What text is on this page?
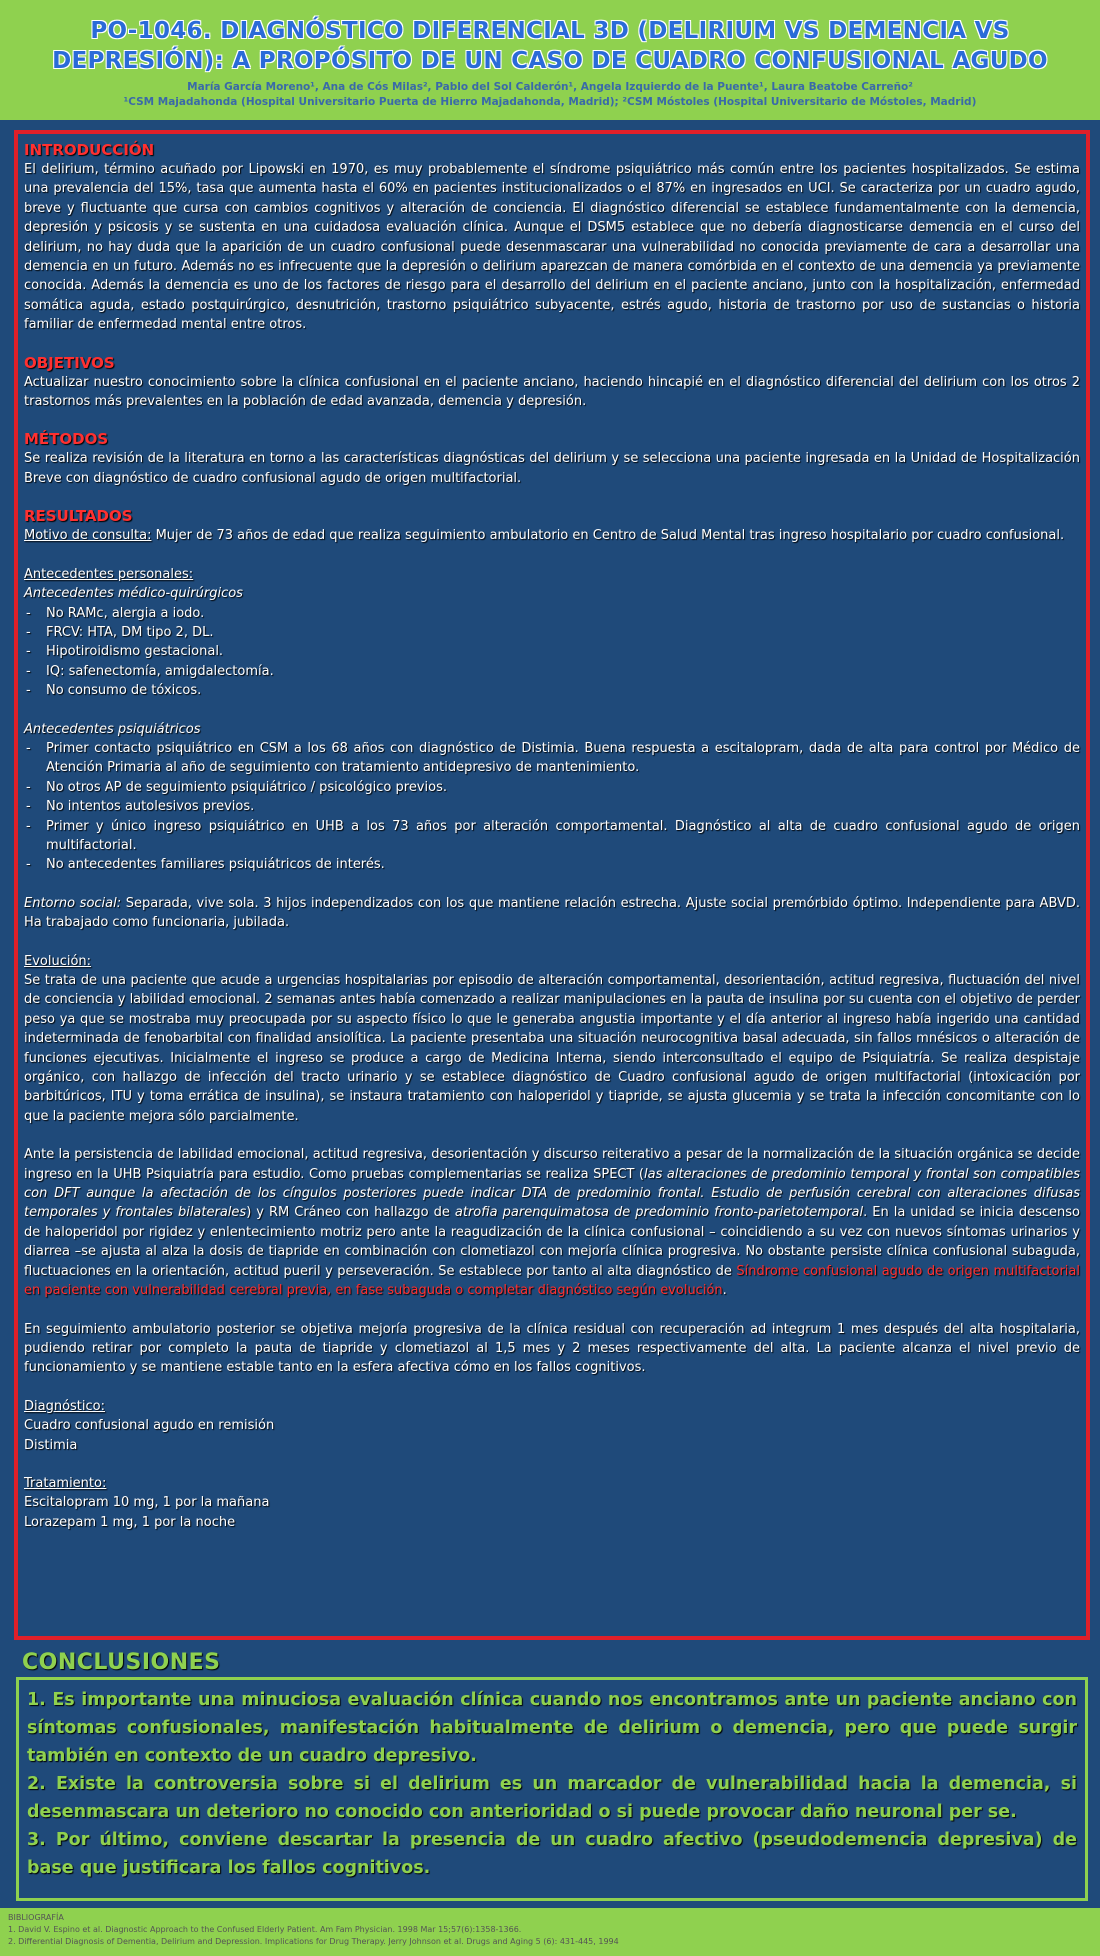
PO-1046. DIAGNÓSTICO DIFERENCIAL 3D (DELIRIUM VS DEMENCIA VS
DEPRESIÓN): A PROPÓSITO DE UN CASO DE CUADRO CONFUSIONAL AGUDO
María García Moreno¹, Ana de Cós Milas², Pablo del Sol Calderón¹, Angela Izquierdo de la Puente¹, Laura Beatobe Carreño²
¹CSM Majadahonda (Hospital Universitario Puerta de Hierro Majadahonda, Madrid); ²CSM Móstoles (Hospital Universitario de Móstoles, Madrid)
INTRODUCCIÓN

El delirium, término acuñado por Lipowski en 1970, es muy probablemente el síndrome psiquiátrico más común entre los pacientes hospitalizados. Se estima una prevalencia del 15%, tasa que aumenta hasta el 60% en pacientes institucionalizados o el 87% en ingresados en UCI. Se caracteriza por un cuadro agudo, breve y fluctuante que cursa con cambios cognitivos y alteración de conciencia. El diagnóstico diferencial se establece fundamentalmente con la demencia, depresión y psicosis y se sustenta en una cuidadosa evaluación clínica. Aunque el DSM5 establece que no debería diagnosticarse demencia en el curso del delirium, no hay duda que la aparición de un cuadro confusional puede desenmascarar una vulnerabilidad no conocida previamente de cara a desarrollar una demencia en un futuro. Además no es infrecuente que la depresión o delirium aparezcan de manera comórbida en el contexto de una demencia ya previamente conocida. Además la demencia es uno de los factores de riesgo para el desarrollo del delirium en el paciente anciano, junto con la hospitalización, enfermedad somática aguda, estado postquirúrgico, desnutrición, trastorno psiquiátrico subyacente, estrés agudo, historia de trastorno por uso de sustancias o historia familiar de enfermedad mental entre otros.

OBJETIVOS

Actualizar nuestro conocimiento sobre la clínica confusional en el paciente anciano, haciendo hincapié en el diagnóstico diferencial del delirium con los otros 2 trastornos más prevalentes en la población de edad avanzada, demencia y depresión.

MÉTODOS

Se realiza revisión de la literatura en torno a las características diagnósticas del delirium y se selecciona una paciente ingresada en la Unidad de Hospitalización Breve con diagnóstico de cuadro confusional agudo de origen multifactorial.

RESULTADOS

Motivo de consulta: Mujer de 73 años de edad que realiza seguimiento ambulatorio en Centro de Salud Mental tras ingreso hospitalario por cuadro confusional.

Antecedentes personales:

Antecedentes médico-quirúrgicos

- No RAMc, alergia a iodo.
- FRCV: HTA, DM tipo 2, DL.
- Hipotiroidismo gestacional.
- IQ: safenectomía, amigdalectomía.
- No consumo de tóxicos.

Antecedentes psiquiátricos

- Primer contacto psiquiátrico en CSM a los 68 años con diagnóstico de Distimia. Buena respuesta a escitalopram, dada de alta para control por Médico de Atención Primaria al año de seguimiento con tratamiento antidepresivo de mantenimiento.
- No otros AP de seguimiento psiquiátrico / psicológico previos.
- No intentos autolesivos previos.
- Primer y único ingreso psiquiátrico en UHB a los 73 años por alteración comportamental. Diagnóstico al alta de cuadro confusional agudo de origen multifactorial.
- No antecedentes familiares psiquiátricos de interés.

Entorno social: Separada, vive sola. 3 hijos independizados con los que mantiene relación estrecha. Ajuste social premórbido óptimo. Independiente para ABVD. Ha trabajado como funcionaria, jubilada.

Evolución:

Se trata de una paciente que acude a urgencias hospitalarias por episodio de alteración comportamental, desorientación, actitud regresiva, fluctuación del nivel de conciencia y labilidad emocional. 2 semanas antes había comenzado a realizar manipulaciones en la pauta de insulina por su cuenta con el objetivo de perder peso ya que se mostraba muy preocupada por su aspecto físico lo que le generaba angustia importante y el día anterior al ingreso había ingerido una cantidad indeterminada de fenobarbital con finalidad ansiolítica. La paciente presentaba una situación neurocognitiva basal adecuada, sin fallos mnésicos o alteración de funciones ejecutivas. Inicialmente el ingreso se produce a cargo de Medicina Interna, siendo interconsultado el equipo de Psiquiatría. Se realiza despistaje orgánico, con hallazgo de infección del tracto urinario y se establece diagnóstico de Cuadro confusional agudo de origen multifactorial (intoxicación por barbitúricos, ITU y toma errática de insulina), se instaura tratamiento con haloperidol y tiapride, se ajusta glucemia y se trata la infección concomitante con lo que la paciente mejora sólo parcialmente.

Ante la persistencia de labilidad emocional, actitud regresiva, desorientación y discurso reiterativo a pesar de la normalización de la situación orgánica se decide ingreso en la UHB Psiquiatría para estudio. Como pruebas complementarias se realiza SPECT (las alteraciones de predominio temporal y frontal son compatibles con DFT aunque la afectación de los cíngulos posteriores puede indicar DTA de predominio frontal. Estudio de perfusión cerebral con alteraciones difusas temporales y frontales bilaterales) y RM Cráneo con hallazgo de atrofia parenquimatosa de predominio fronto-parietotemporal. En la unidad se inicia descenso de haloperidol por rigidez y enlentecimiento motriz pero ante la reagudización de la clínica confusional – coincidiendo a su vez con nuevos síntomas urinarios y diarrea –se ajusta al alza la dosis de tiapride en combinación con clometiazol con mejoría clínica progresiva. No obstante persiste clínica confusional subaguda, fluctuaciones en la orientación, actitud pueril y perseveración. Se establece por tanto al alta diagnóstico de Síndrome confusional agudo de origen multifactorial en paciente con vulnerabilidad cerebral previa, en fase subaguda o completar diagnóstico según evolución.

En seguimiento ambulatorio posterior se objetiva mejoría progresiva de la clínica residual con recuperación ad integrum 1 mes después del alta hospitalaria, pudiendo retirar por completo la pauta de tiapride y clometiazol al 1,5 mes y 2 meses respectivamente del alta. La paciente alcanza el nivel previo de funcionamiento y se mantiene estable tanto en la esfera afectiva cómo en los fallos cognitivos.

Diagnóstico:

Cuadro confusional agudo en remisión

Distimia

Tratamiento:

Escitalopram 10 mg, 1 por la mañana

Lorazepam 1 mg, 1 por la noche

CONCLUSIONES

1. Es importante una minuciosa evaluación clínica cuando nos encontramos ante un paciente anciano con síntomas confusionales, manifestación habitualmente de delirium o demencia, pero que puede surgir también en contexto de un cuadro depresivo.

2. Existe la controversia sobre si el delirium es un marcador de vulnerabilidad hacia la demencia, si desenmascara un deterioro no conocido con anterioridad o si puede provocar daño neuronal per se.

3. Por último, conviene descartar la presencia de un cuadro afectivo (pseudodemencia depresiva) de base que justificara los fallos cognitivos.

BIBLIOGRAFÍA
1. David V. Espino et al. Diagnostic Approach to the Confused Elderly Patient. Am Fam Physician. 1998 Mar 15;57(6):1358-1366.
2. Differential Diagnosis of Dementia, Delirium and Depression. Implications for Drug Therapy. Jerry Johnson et al. Drugs and Aging 5 (6): 431-445, 1994
